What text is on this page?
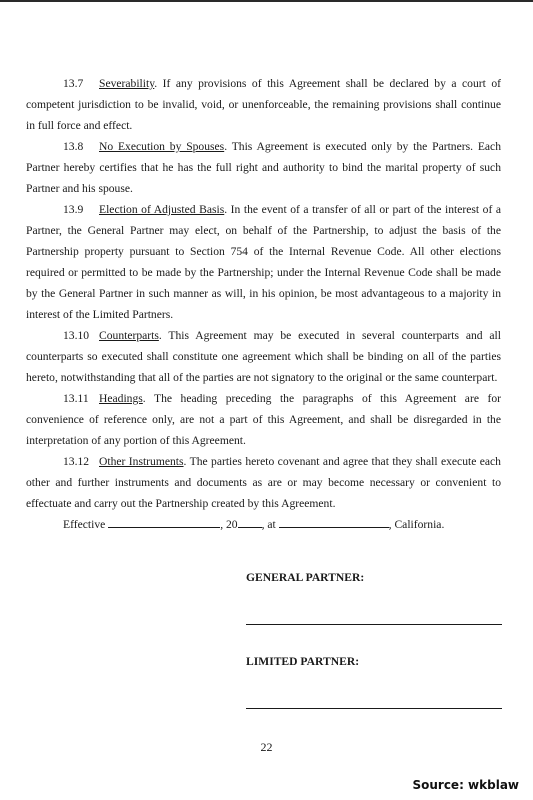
13.7 Severability. If any provisions of this Agreement shall be declared by a court of competent jurisdiction to be invalid, void, or unenforceable, the remaining provisions shall continue in full force and effect.

13.8 No Execution by Spouses. This Agreement is executed only by the Partners. Each Partner hereby certifies that he has the full right and authority to bind the marital property of such Partner and his spouse.

13.9 Election of Adjusted Basis. In the event of a transfer of all or part of the interest of a Partner, the General Partner may elect, on behalf of the Partnership, to adjust the basis of the Partnership property pursuant to Section 754 of the Internal Revenue Code. All other elections required or permitted to be made by the Partnership; under the Internal Revenue Code shall be made by the General Partner in such manner as will, in his opinion, be most advantageous to a majority in interest of the Limited Partners.

13.10 Counterparts. This Agreement may be executed in several counterparts and all counterparts so executed shall constitute one agreement which shall be binding on all of the parties hereto, notwithstanding that all of the parties are not signatory to the original or the same counterpart.

13.11 Headings. The heading preceding the paragraphs of this Agreement are for convenience of reference only, are not a part of this Agreement, and shall be disregarded in the interpretation of any portion of this Agreement.

13.12 Other Instruments. The parties hereto covenant and agree that they shall execute each other and further instruments and documents as are or may become necessary or convenient to effectuate and carry out the Partnership created by this Agreement.

Effective	, 20 , at	, California.

GENERAL PARTNER:

LIMITED PARTNER:

22
Source: wkblaw
